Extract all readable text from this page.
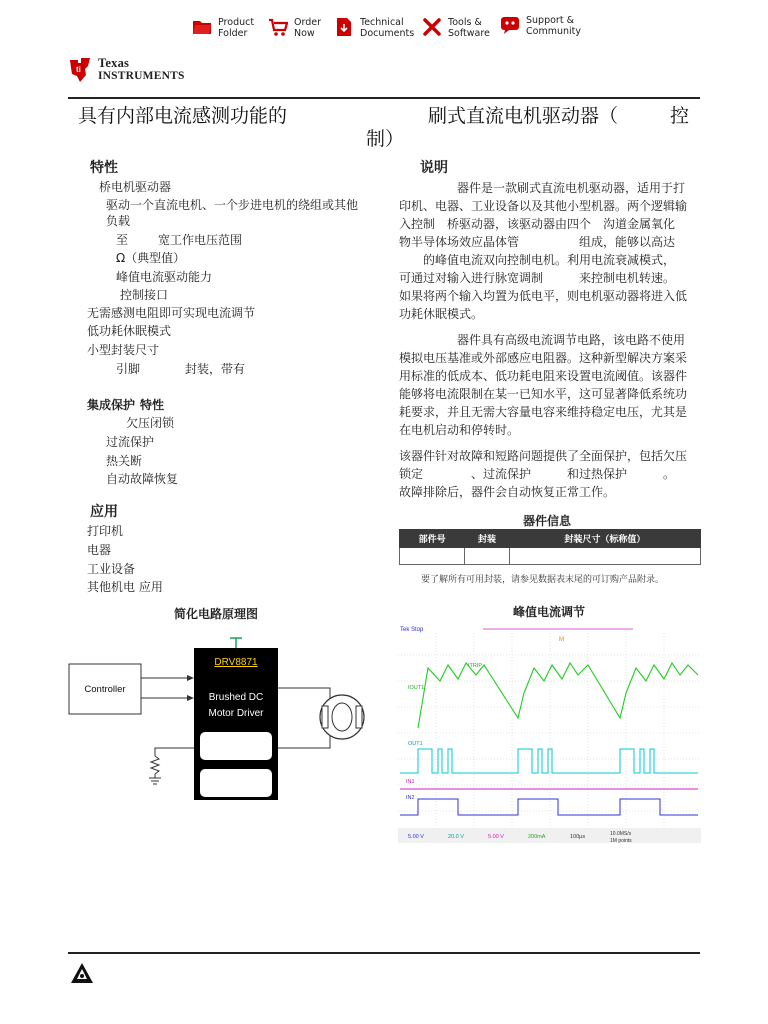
Product
Folder
Order
Now
Technical
Documents
Tools &
Software
Support &
Community
ti Texas
INSTRUMENTS
具有内部电流感测功能的	刷式直流电机驱动器（	控
制）
特性
桥电机驱动器
驱动一个直流电机、一个步进电机的绕组或其他
负载
至 宽工作电压范围
Ω（典型值）
峰值电流驱动能力
控制接口
无需感测电阻即可实现电流调节
低功耗休眠模式
小型封装尺寸
引脚	封装，带有
集成保护 特性
欠压闭锁
过流保护
热关断
自动故障恢复
应用
打印机
电器
工业设备
其他机电 应用
说明
器件是一款刷式直流电机驱动器，适用于打
印机、电器、工业设备以及其他小型机器。两个逻辑输
入控制　桥驱动器，该驱动器由四个　沟道金属氧化
物半导体场效应晶体管　　　　　组成，能够以高达
　　的峰值电流双向控制电机。利用电流衰减模式，
可通过对输入进行脉宽调制　　　来控制电机转速。
如果将两个输入均置为低电平，则电机驱动器将进入低
功耗休眠模式。
器件具有高级电流调节电路，该电路不使用
模拟电压基准或外部感应电阻器。这种新型解决方案采
用标准的低成本、低功耗电阻来设置电流阈值。该器件
能够将电流限制在某一已知水平，这可显著降低系统功
耗要求，并且无需大容量电容来维持稳定电压，尤其是
在电机启动和停转时。
该器件针对故障和短路问题提供了全面保护，包括欠压
锁定　　　　、过流保护　　　和过热保护　　　。
故障排除后，器件会自动恢复正常工作。
器件信息
部件号	封装	封装尺寸（标称值）

要了解所有可用封装，请参见数据表末尾的可订购产品附录。
简化电路原理图
Controller
DRV8871
Brushed DC
Motor Driver
峰值电流调节
Tek Stop
M
ITRIP
IOUT1
OUT1
IN1
IN2
5.00 V	20.0 V	5.00 V	200mA	100μs	10.0MS/s
1M points
